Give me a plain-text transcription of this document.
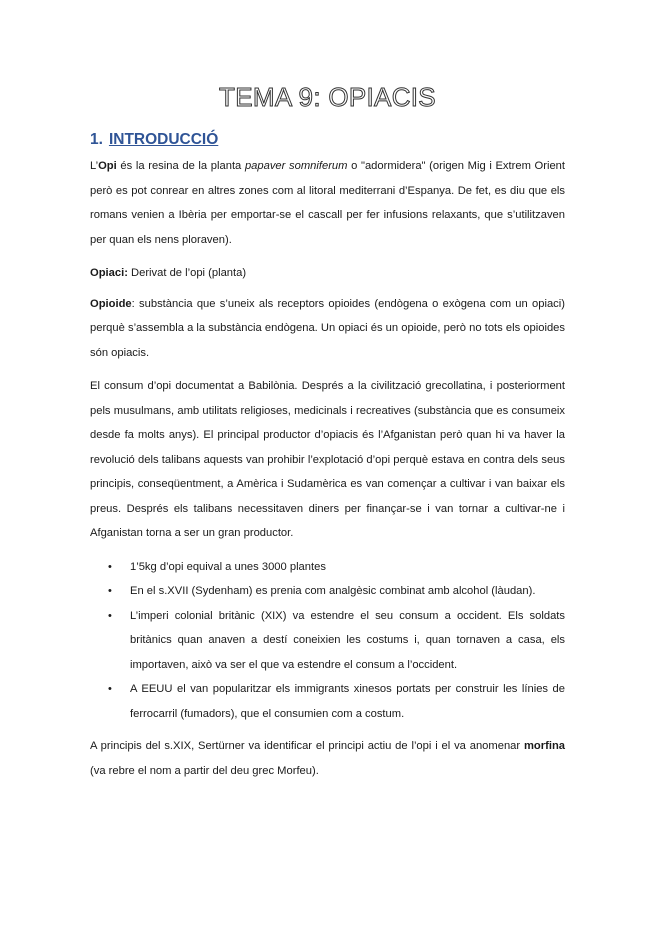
TEMA 9: OPIACIS
1. INTRODUCCIÓ

L’Opi és la resina de la planta papaver somniferum o "adormidera" (origen Mig i Extrem Orient però es pot conrear en altres zones com al litoral mediterrani d’Espanya. De fet, es diu que els romans venien a Ibèria per emportar-se el cascall per fer infusions relaxants, que s’utilitzaven per quan els nens ploraven).

Opiaci: Derivat de l’opi (planta)

Opioide: substància que s’uneix als receptors opioides (endògena o exògena com un opiaci) perquè s’assembla a la substància endògena. Un opiaci és un opioide, però no tots els opioides són opiacis.

El consum d’opi documentat a Babilònia. Després a la civilització grecollatina, i posteriorment pels musulmans, amb utilitats religioses, medicinals i recreatives (substància que es consumeix desde fa molts anys). El principal productor d’opiacis és l’Afganistan però quan hi va haver la revolució dels talibans aquests van prohibir l’explotació d’opi perquè estava en contra dels seus principis, conseqüentment, a Amèrica i Sudamèrica es van començar a cultivar i van baixar els preus. Després els talibans necessitaven diners per finançar-se i van tornar a cultivar-ne i Afganistan torna a ser un gran productor.

• 1’5kg d’opi equival a unes 3000 plantes
• En el s.XVII (Sydenham) es prenia com analgèsic combinat amb alcohol (làudan).
• L’imperi colonial britànic (XIX) va estendre el seu consum a occident. Els soldats britànics quan anaven a destí coneixien les costums i, quan tornaven a casa, els importaven, això va ser el que va estendre el consum a l’occident.
• A EEUU el van popularitzar els immigrants xinesos portats per construir les línies de ferrocarril (fumadors), que el consumien com a costum.

A principis del s.XIX, Sertürner va identificar el principi actiu de l’opi i el va anomenar morfina (va rebre el nom a partir del deu grec Morfeu).
